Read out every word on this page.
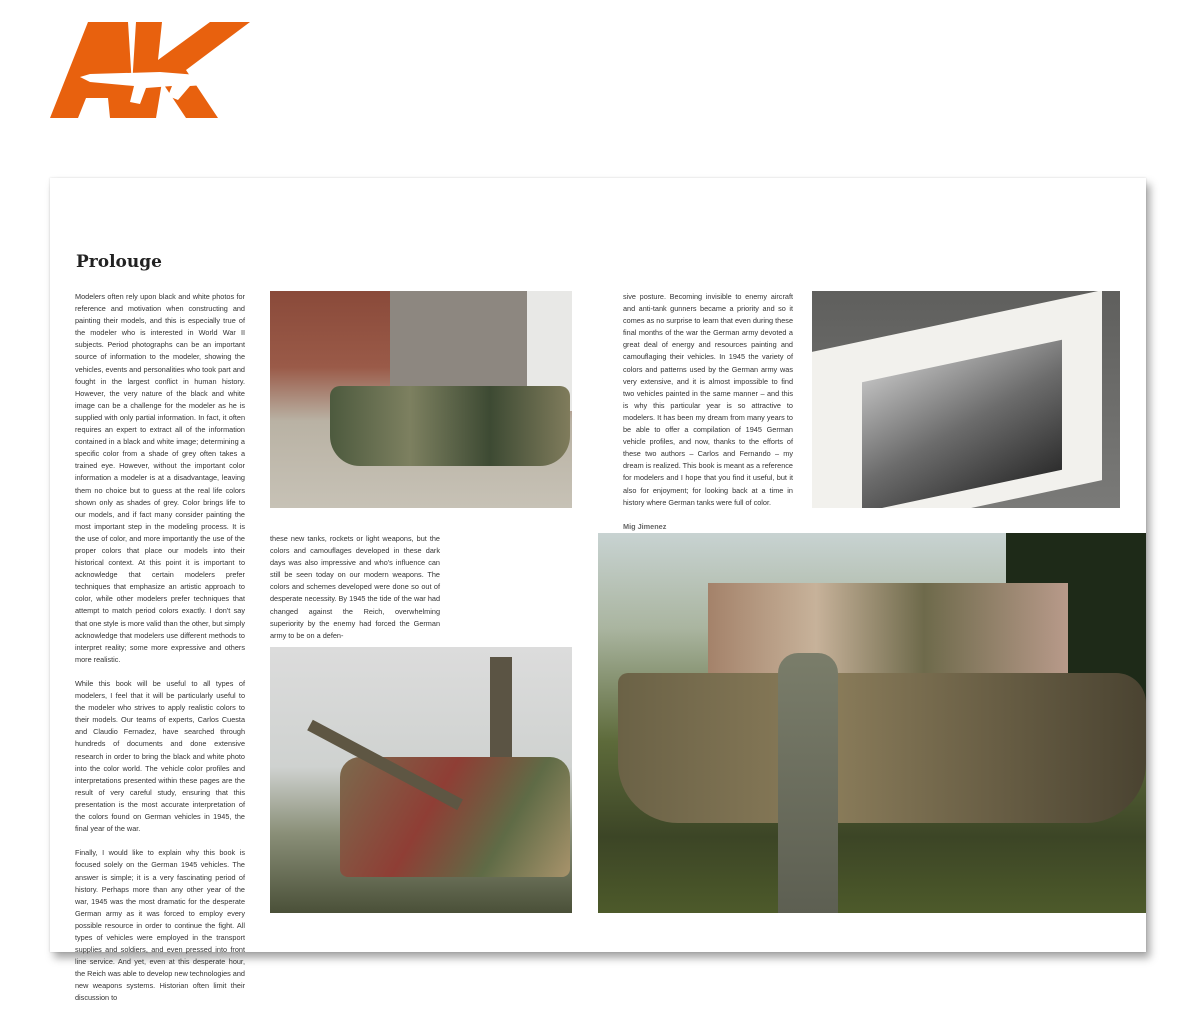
Prolouge

Modelers often rely upon black and white photos for reference and motivation when constructing and painting their models, and this is especially true of the modeler who is interested in World War II subjects. Period photographs can be an important source of information to the modeler, showing the vehicles, events and personalities who took part and fought in the largest conflict in human history. However, the very nature of the black and white image can be a challenge for the modeler as he is supplied with only partial information. In fact, it often requires an expert to extract all of the information contained in a black and white image; determining a specific color from a shade of grey often takes a trained eye. However, without the important color information a modeler is at a disadvantage, leaving them no choice but to guess at the real life colors shown only as shades of grey. Color brings life to our models, and if fact many consider painting the most important step in the modeling process. It is the use of color, and more importantly the use of the proper colors that place our models into their historical context. At this point it is important to acknowledge that certain modelers prefer techniques that emphasize an artistic approach to color, while other modelers prefer techniques that attempt to match period colors exactly. I don't say that one style is more valid than the other, but simply acknowledge that modelers use different methods to interpret reality; some more expressive and others more realistic.

While this book will be useful to all types of modelers, I feel that it will be particularly useful to the modeler who strives to apply realistic colors to their models. Our teams of experts, Carlos Cuesta and Claudio Fernadez, have searched through hundreds of documents and done extensive research in order to bring the black and white photo into the color world. The vehicle color profiles and interpretations presented within these pages are the result of very careful study, ensuring that this presentation is the most accurate interpretation of the colors found on German vehicles in 1945, the final year of the war.

Finally, I would like to explain why this book is focused solely on the German 1945 vehicles. The answer is simple; it is a very fascinating period of history. Perhaps more than any other year of the war, 1945 was the most dramatic for the desperate German army as it was forced to employ every possible resource in order to continue the fight. All types of vehicles were employed in the transport supplies and soldiers, and even pressed into front line service. And yet, even at this desperate hour, the Reich was able to develop new technologies and new weapons systems. Historian often limit their discussion to

these new tanks, rockets or light weapons, but the colors and camouflages developed in these dark days was also impressive and who's influence can still be seen today on our modern weapons. The colors and schemes developed were done so out of desperate necessity. By 1945 the tide of the war had changed against the Reich, overwhelming superiority by the enemy had forced the German army to be on a defen-

sive posture. Becoming invisible to enemy aircraft and anti-tank gunners became a priority and so it comes as no surprise to learn that even during these final months of the war the German army devoted a great deal of energy and resources painting and camouflaging their vehicles. In 1945 the variety of colors and patterns used by the German army was very extensive, and it is almost impossible to find two vehicles painted in the same manner – and this is why this particular year is so attractive to modelers. It has been my dream from many years to be able to offer a compilation of 1945 German vehicle profiles, and now, thanks to the efforts of these two authors – Carlos and Fernando – my dream is realized. This book is meant as a reference for modelers and I hope that you find it useful, but it also for enjoyment; for looking back at a time in history where German tanks were full of color.

Mig Jimenez
